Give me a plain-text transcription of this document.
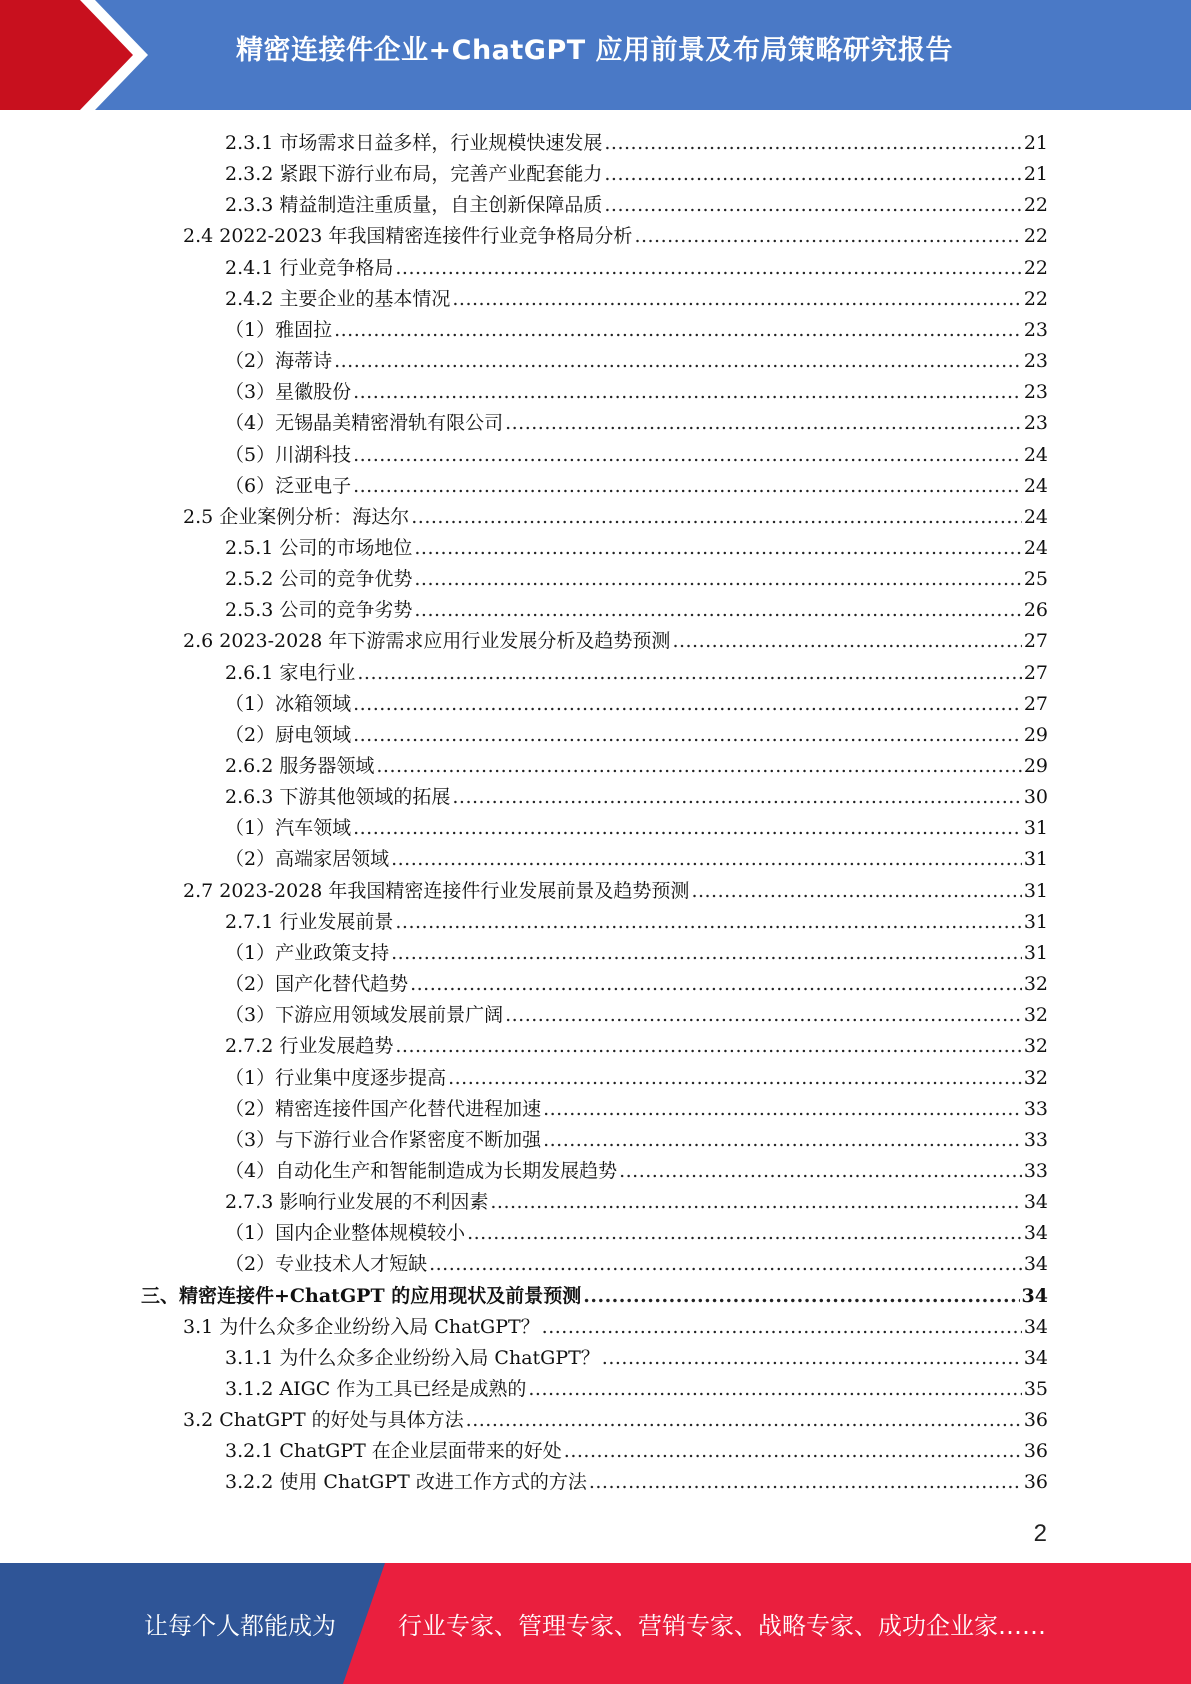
精密连接件企业+ChatGPT 应用前景及布局策略研究报告
2.3.1 市场需求日益多样，行业规模快速发展 .....	21
2.3.2 紧跟下游行业布局，完善产业配套能力 .....	21
2.3.3 精益制造注重质量，自主创新保障品质 .....	22
2.4 2022-2023 年我国精密连接件行业竞争格局分析 .....	22
2.4.1 行业竞争格局 .....	22
2.4.2 主要企业的基本情况 .....	22
（1）雅固拉 .....	23
（2）海蒂诗 .....	23
（3）星徽股份 .....	23
（4）无锡晶美精密滑轨有限公司 .....	23
（5）川湖科技 .....	24
（6）泛亚电子 .....	24
2.5 企业案例分析：海达尔 .....	24
2.5.1 公司的市场地位 .....	24
2.5.2 公司的竞争优势 .....	25
2.5.3 公司的竞争劣势 .....	26
2.6 2023-2028 年下游需求应用行业发展分析及趋势预测 .....	27
2.6.1 家电行业 .....	27
（1）冰箱领域 .....	27
（2）厨电领域 .....	29
2.6.2 服务器领域 .....	29
2.6.3 下游其他领域的拓展 .....	30
（1）汽车领域 .....	31
（2）高端家居领域 .....	31
2.7 2023-2028 年我国精密连接件行业发展前景及趋势预测 .....	31
2.7.1 行业发展前景 .....	31
（1）产业政策支持 .....	31
（2）国产化替代趋势 .....	32
（3）下游应用领域发展前景广阔 .....	32
2.7.2 行业发展趋势 .....	32
（1）行业集中度逐步提高 .....	32
（2）精密连接件国产化替代进程加速 .....	33
（3）与下游行业合作紧密度不断加强 .....	33
（4）自动化生产和智能制造成为长期发展趋势 .....	33
2.7.3 影响行业发展的不利因素 .....	34
（1）国内企业整体规模较小 .....	34
（2）专业技术人才短缺 .....	34
三、精密连接件+ChatGPT 的应用现状及前景预测 .....	34
3.1 为什么众多企业纷纷入局 ChatGPT？ .....	34
3.1.1 为什么众多企业纷纷入局 ChatGPT？ .....	34
3.1.2 AIGC 作为工具已经是成熟的 .....	35
3.2 ChatGPT 的好处与具体方法 .....	36
3.2.1 ChatGPT 在企业层面带来的好处 .....	36
3.2.2 使用 ChatGPT 改进工作方式的方法 .....	36
2
让每个人都能成为	行业专家、管理专家、营销专家、战略专家、成功企业家……
